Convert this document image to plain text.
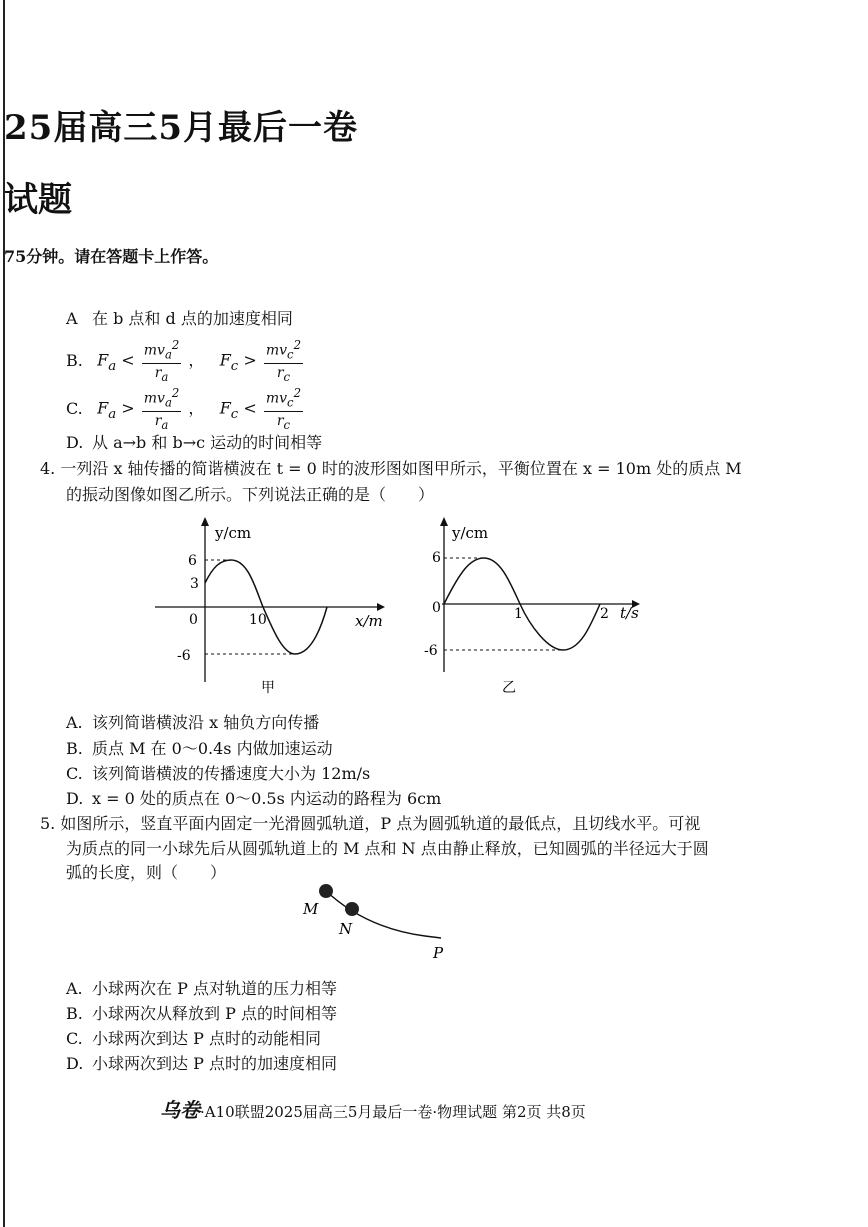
25届高三5月最后一卷
试题
75分钟。请在答题卡上作答。
A 在 b 点和 d 点的加速度相同
B. $F_a < \frac{mv_a^2}{r_a}$ ， $F_c > \frac{mv_c^2}{r_c}$
C. $F_a > \frac{mv_a^2}{r_a}$ ， $F_c < \frac{mv_c^2}{r_c}$
D. 从 a→b 和 b→c 运动的时间相等
4. 一列沿 x 轴传播的简谐横波在 t = 0 时的波形图如图甲所示，平衡位置在 x = 10m 处的质点 M
的振动图像如图乙所示。下列说法正确的是（　　）
y/cm
6
3
0	10
-6
x/m
甲
y/cm
6
0	1	2 t/s
-6
乙
A. 该列简谐横波沿 x 轴负方向传播
B. 质点 M 在 0～0.4s 内做加速运动
C. 该列简谐横波的传播速度大小为 12m/s
D. x = 0 处的质点在 0～0.5s 内运动的路程为 6cm
5. 如图所示，竖直平面内固定一光滑圆弧轨道，P 点为圆弧轨道的最低点，且切线水平。可视
为质点的同一小球先后从圆弧轨道上的 M 点和 N 点由静止释放，已知圆弧的半径远大于圆
弧的长度，则（　　）
M
N
P
A. 小球两次在 P 点对轨道的压力相等
B. 小球两次从释放到 P 点的时间相等
C. 小球两次到达 P 点时的动能相同
D. 小球两次到达 P 点时的加速度相同
乌卷·A10联盟2025届高三5月最后一卷·物理试题 第2页 共8页
